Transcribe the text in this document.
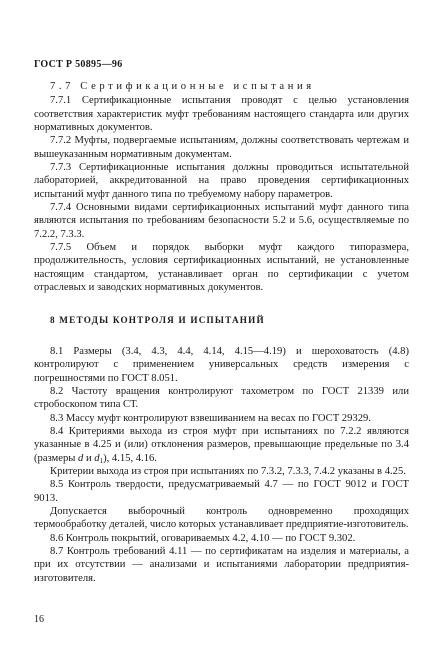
ГОСТ Р 50895—96

7.7 Сертификационные испытания

7.7.1 Сертификационные испытания проводят с целью установления соответствия характеристик муфт требованиям настоящего стандарта или других нормативных документов.

7.7.2 Муфты, подвергаемые испытаниям, должны соответствовать чертежам и вышеуказанным нормативным документам.

7.7.3 Сертификационные испытания должны проводиться испытательной лабораторией, аккредитованной на право проведения сертификационных испытаний муфт данного типа по требуемому набору параметров.

7.7.4 Основными видами сертификационных испытаний муфт данного типа являются испытания по требованиям безопасности 5.2 и 5.6, осуществляемые по 7.2.2, 7.3.3.

7.7.5 Объем и порядок выборки муфт каждого типоразмера, продолжительность, условия сертификационных испытаний, не установленные настоящим стандартом, устанавливает орган по сертификации с учетом отраслевых и заводских нормативных документов.

8 МЕТОДЫ КОНТРОЛЯ И ИСПЫТАНИЙ

8.1 Размеры (3.4, 4.3, 4.4, 4.14, 4.15—4.19) и шероховатость (4.8) контролируют с применением универсальных средств измерения с погрешностями по ГОСТ 8.051.

8.2 Частоту вращения контролируют тахометром по ГОСТ 21339 или стробоскопом типа СТ.

8.3 Массу муфт контролируют взвешиванием на весах по ГОСТ 29329.

8.4 Критериями выхода из строя муфт при испытаниях по 7.2.2 являются указанные в 4.25 и (или) отклонения размеров, превышающие предельные по 3.4 (размеры d и $d_1$), 4.15, 4.16.

Критерии выхода из строя при испытаниях по 7.3.2, 7.3.3, 7.4.2 указаны в 4.25.

8.5 Контроль твердости, предусматриваемый 4.7 — по ГОСТ 9012 и ГОСТ 9013.

Допускается выборочный контроль одновременно проходящих термообработку деталей, число которых устанавливает предприятие-изготовитель.

8.6 Контроль покрытий, оговариваемых 4.2, 4.10 — по ГОСТ 9.302.

8.7 Контроль требований 4.11 — по сертификатам на изделия и материалы, а при их отсутствии — анализами и испытаниями лаборатории предприятия-изготовителя.

16
